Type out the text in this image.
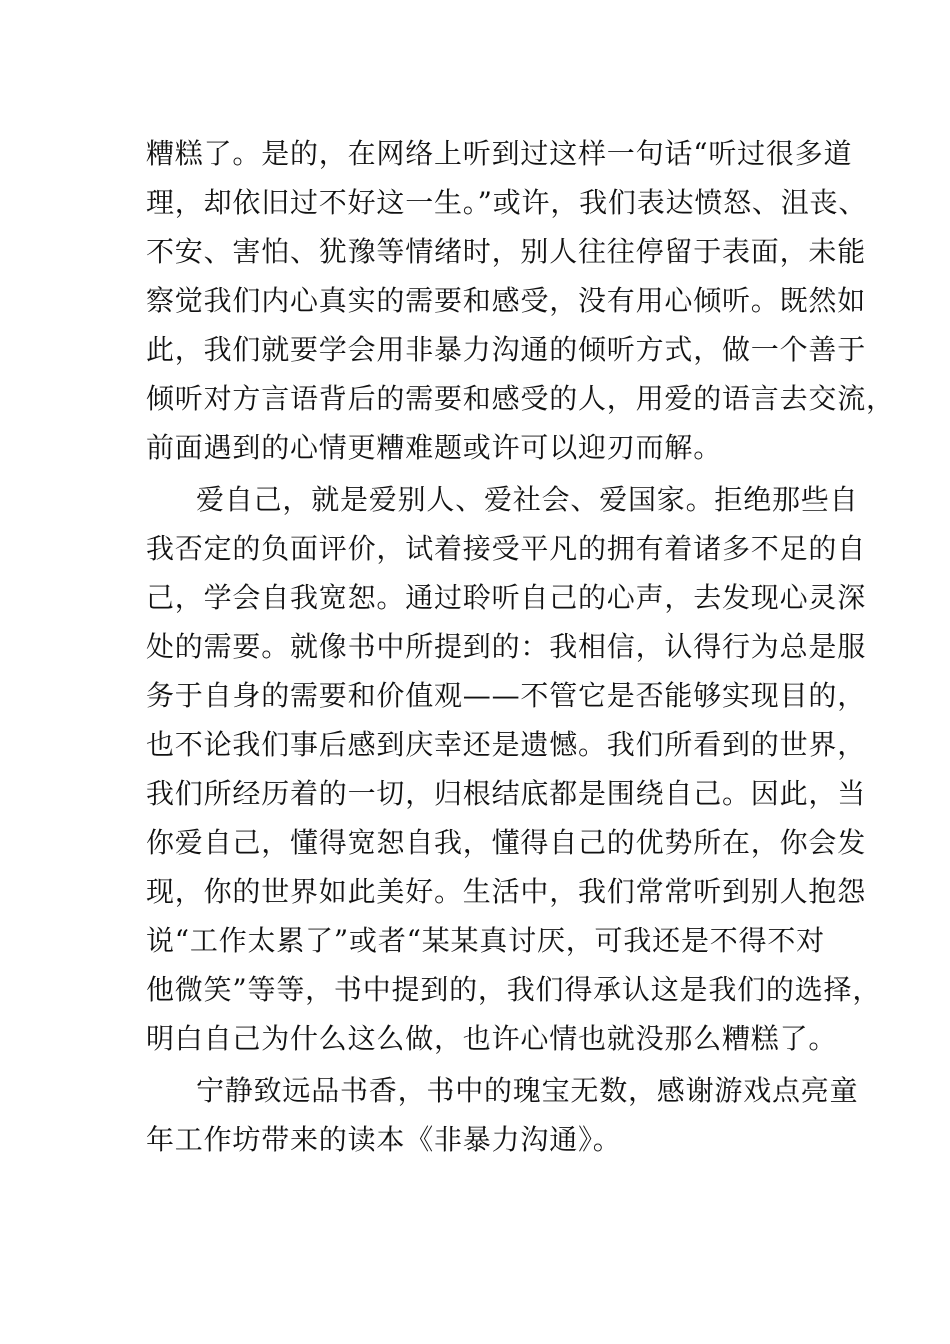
糟糕了。是的，在网络上听到过这样一句话“听过很多道
理，却依旧过不好这一生。”或许，我们表达愤怒、沮丧、
不安、害怕、犹豫等情绪时，别人往往停留于表面，未能
察觉我们内心真实的需要和感受，没有用心倾听。既然如
此，我们就要学会用非暴力沟通的倾听方式，做一个善于
倾听对方言语背后的需要和感受的人，用爱的语言去交流，
前面遇到的心情更糟难题或许可以迎刃而解。
爱自己，就是爱别人、爱社会、爱国家。拒绝那些自
我否定的负面评价，试着接受平凡的拥有着诸多不足的自
己，学会自我宽恕。通过聆听自己的心声，去发现心灵深
处的需要。就像书中所提到的：我相信，认得行为总是服
务于自身的需要和价值观——不管它是否能够实现目的，
也不论我们事后感到庆幸还是遗憾。我们所看到的世界，
我们所经历着的一切，归根结底都是围绕自己。因此，当
你爱自己，懂得宽恕自我，懂得自己的优势所在，你会发
现，你的世界如此美好。生活中，我们常常听到别人抱怨
说“工作太累了”或者“某某真讨厌，可我还是不得不对
他微笑”等等，书中提到的，我们得承认这是我们的选择，
明白自己为什么这么做，也许心情也就没那么糟糕了。
宁静致远品书香，书中的瑰宝无数，感谢游戏点亮童
年工作坊带来的读本《非暴力沟通》。
